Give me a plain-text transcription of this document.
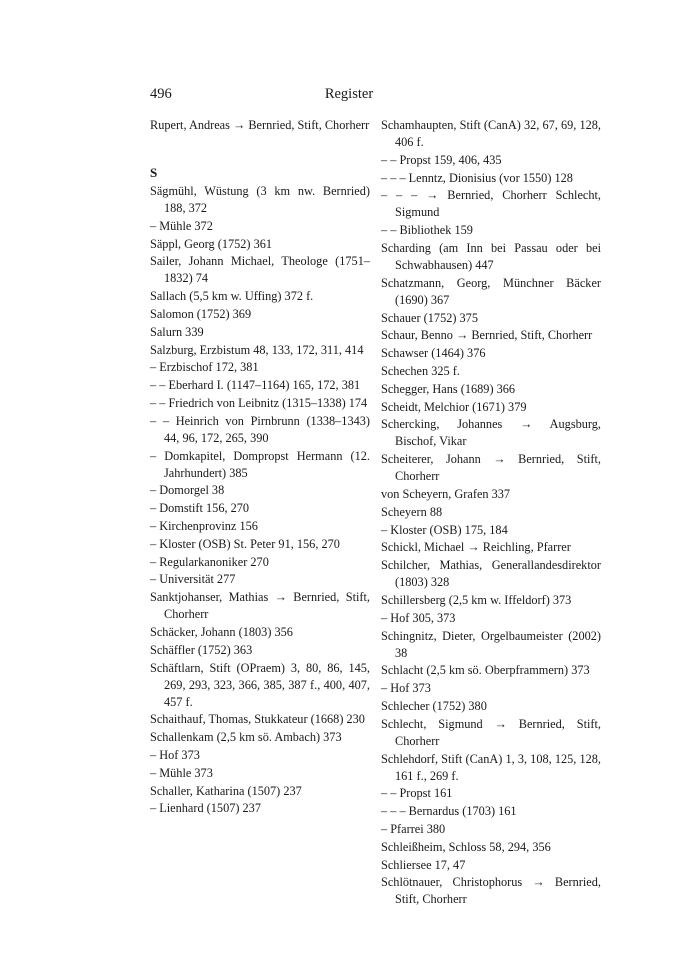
496	Register
Rupert, Andreas → Bernried, Stift, Chorherr
S
Sägmühl, Wüstung (3 km nw. Bernried) 188, 372
– Mühle 372
Säppl, Georg (1752) 361
Sailer, Johann Michael, Theologe (1751–1832) 74
Sallach (5,5 km w. Uffing) 372 f.
Salomon (1752) 369
Salurn 339
Salzburg, Erzbistum 48, 133, 172, 311, 414
– Erzbischof 172, 381
– – Eberhard I. (1147–1164) 165, 172, 381
– – Friedrich von Leibnitz (1315–1338) 174
– – Heinrich von Pirnbrunn (1338–1343) 44, 96, 172, 265, 390
– Domkapitel, Dompropst Hermann (12. Jahrhundert) 385
– Domorgel 38
– Domstift 156, 270
– Kirchenprovinz 156
– Kloster (OSB) St. Peter 91, 156, 270
– Regularkanoniker 270
– Universität 277
Sanktjohanser, Mathias → Bernried, Stift, Chorherr
Schäcker, Johann (1803) 356
Schäffler (1752) 363
Schäftlarn, Stift (OPraem) 3, 80, 86, 145, 269, 293, 323, 366, 385, 387 f., 400, 407, 457 f.
Schaithauf, Thomas, Stukkateur (1668) 230
Schallenkam (2,5 km sö. Ambach) 373
– Hof 373
– Mühle 373
Schaller, Katharina (1507) 237
– Lienhard (1507) 237
Schamhaupten, Stift (CanA) 32, 67, 69, 128, 406 f.
– – Propst 159, 406, 435
– – – Lenntz, Dionisius (vor 1550) 128
– – – → Bernried, Chorherr Schlecht, Sigmund
– – Bibliothek 159
Scharding (am Inn bei Passau oder bei Schwabhausen) 447
Schatzmann, Georg, Münchner Bäcker (1690) 367
Schauer (1752) 375
Schaur, Benno → Bernried, Stift, Chorherr
Schawser (1464) 376
Schechen 325 f.
Schegger, Hans (1689) 366
Scheidt, Melchior (1671) 379
Schercking, Johannes → Augsburg, Bischof, Vikar
Scheiterer, Johann → Bernried, Stift, Chorherr
von Scheyern, Grafen 337
Scheyern 88
– Kloster (OSB) 175, 184
Schickl, Michael → Reichling, Pfarrer
Schilcher, Mathias, Generallandesdirektor (1803) 328
Schillersberg (2,5 km w. Iffeldorf) 373
– Hof 305, 373
Schingnitz, Dieter, Orgelbaumeister (2002) 38
Schlacht (2,5 km sö. Oberpframmern) 373
– Hof 373
Schlecher (1752) 380
Schlecht, Sigmund → Bernried, Stift, Chorherr
Schlehdorf, Stift (CanA) 1, 3, 108, 125, 128, 161 f., 269 f.
– – Propst 161
– – – Bernardus (1703) 161
– Pfarrei 380
Schleißheim, Schloss 58, 294, 356
Schliersee 17, 47
Schlötnauer, Christophorus → Bernried, Stift, Chorherr
